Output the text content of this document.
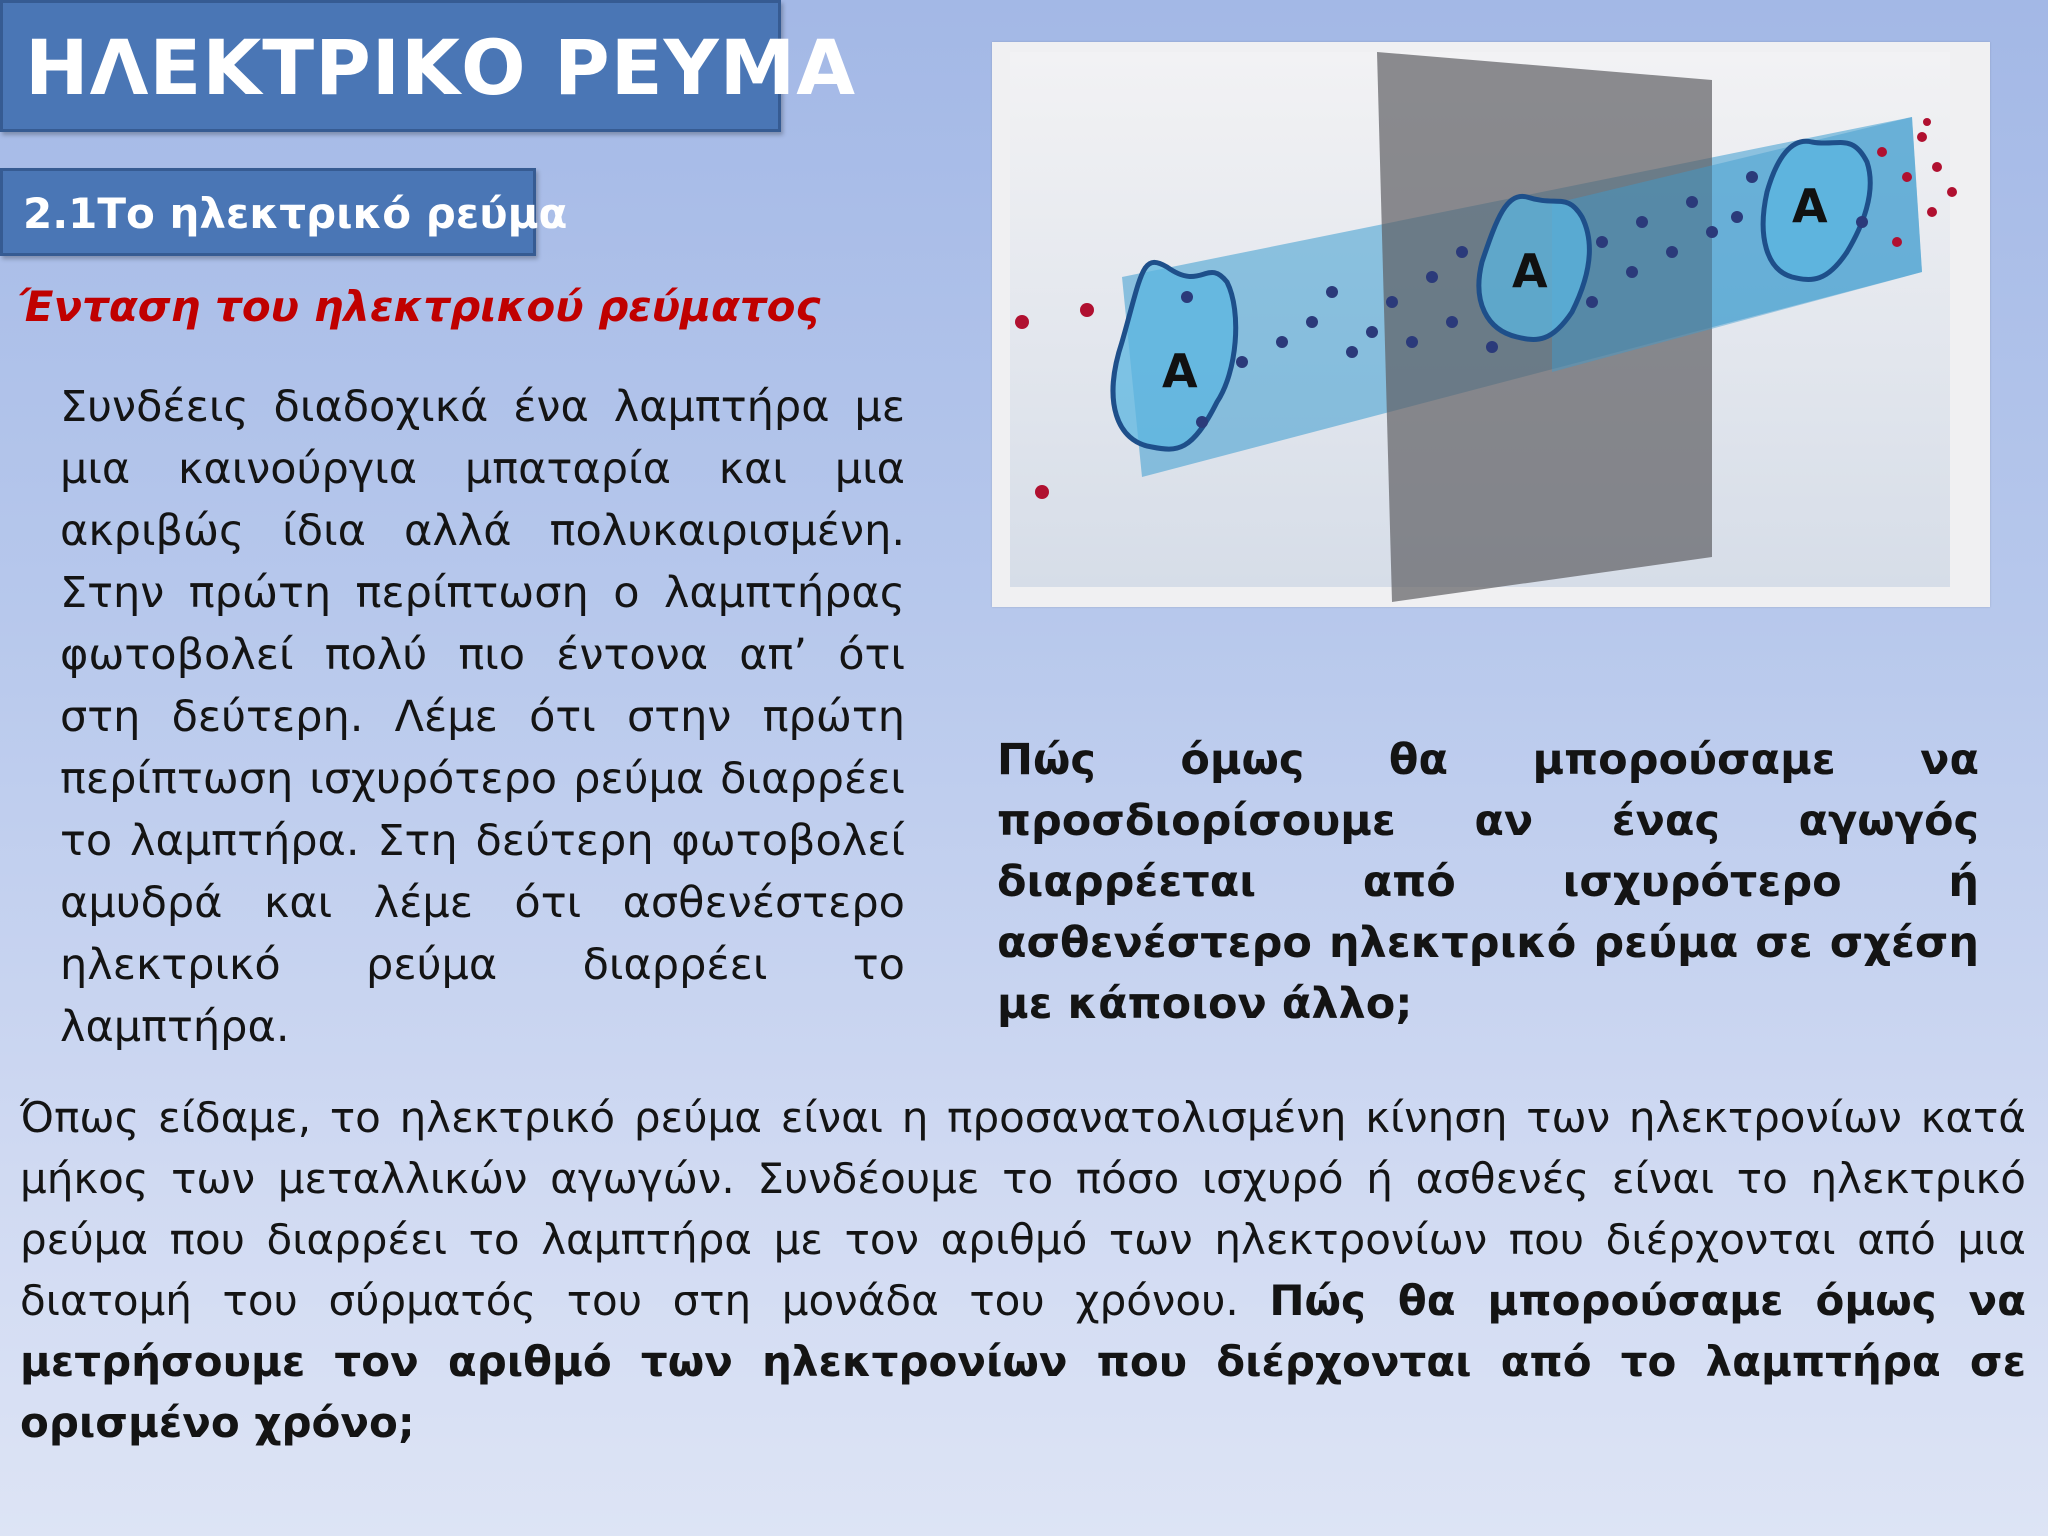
ΗΛΕΚΤΡΙΚΟ ΡΕΥΜΑ
2.1Το ηλεκτρικό ρεύμα
Ένταση του ηλεκτρικού ρεύματος

Συνδέεις διαδοχικά ένα λαμπτήρα με μια καινούργια μπαταρία και μια ακριβώς ίδια αλλά πολυκαιρισμένη. Στην πρώτη περίπτωση ο λαμπτήρας φωτοβολεί πολύ πιο έντονα απ’ ότι στη δεύτερη. Λέμε ότι στην πρώτη περίπτωση ισχυρότερο ρεύμα διαρρέει το λαμπτήρα. Στη δεύτερη φωτοβολεί αμυδρά και λέμε ότι ασθενέστερο ηλεκτρικό ρεύμα διαρρέει το λαμπτήρα.

A
A
A

Πώς όμως θα μπορούσαμε να προσδιορίσουμε αν ένας αγωγός διαρρέεται από ισχυρότερο ή ασθενέστερο ηλεκτρικό ρεύμα σε σχέση με κάποιον άλλο;

Όπως είδαμε, το ηλεκτρικό ρεύμα είναι η προσανατολισμένη κίνηση των ηλεκτρονίων κατά μήκος των μεταλλικών αγωγών. Συνδέουμε το πόσο ισχυρό ή ασθενές είναι το ηλεκτρικό ρεύμα που διαρρέει το λαμπτήρα με τον αριθμό των ηλεκτρονίων που διέρχονται από μια διατομή του σύρματός του στη μονάδα του χρόνου. Πώς θα μπορούσαμε όμως να μετρήσουμε τον αριθμό των ηλεκτρονίων που διέρχονται από το λαμπτήρα σε ορισμένο χρόνο;
